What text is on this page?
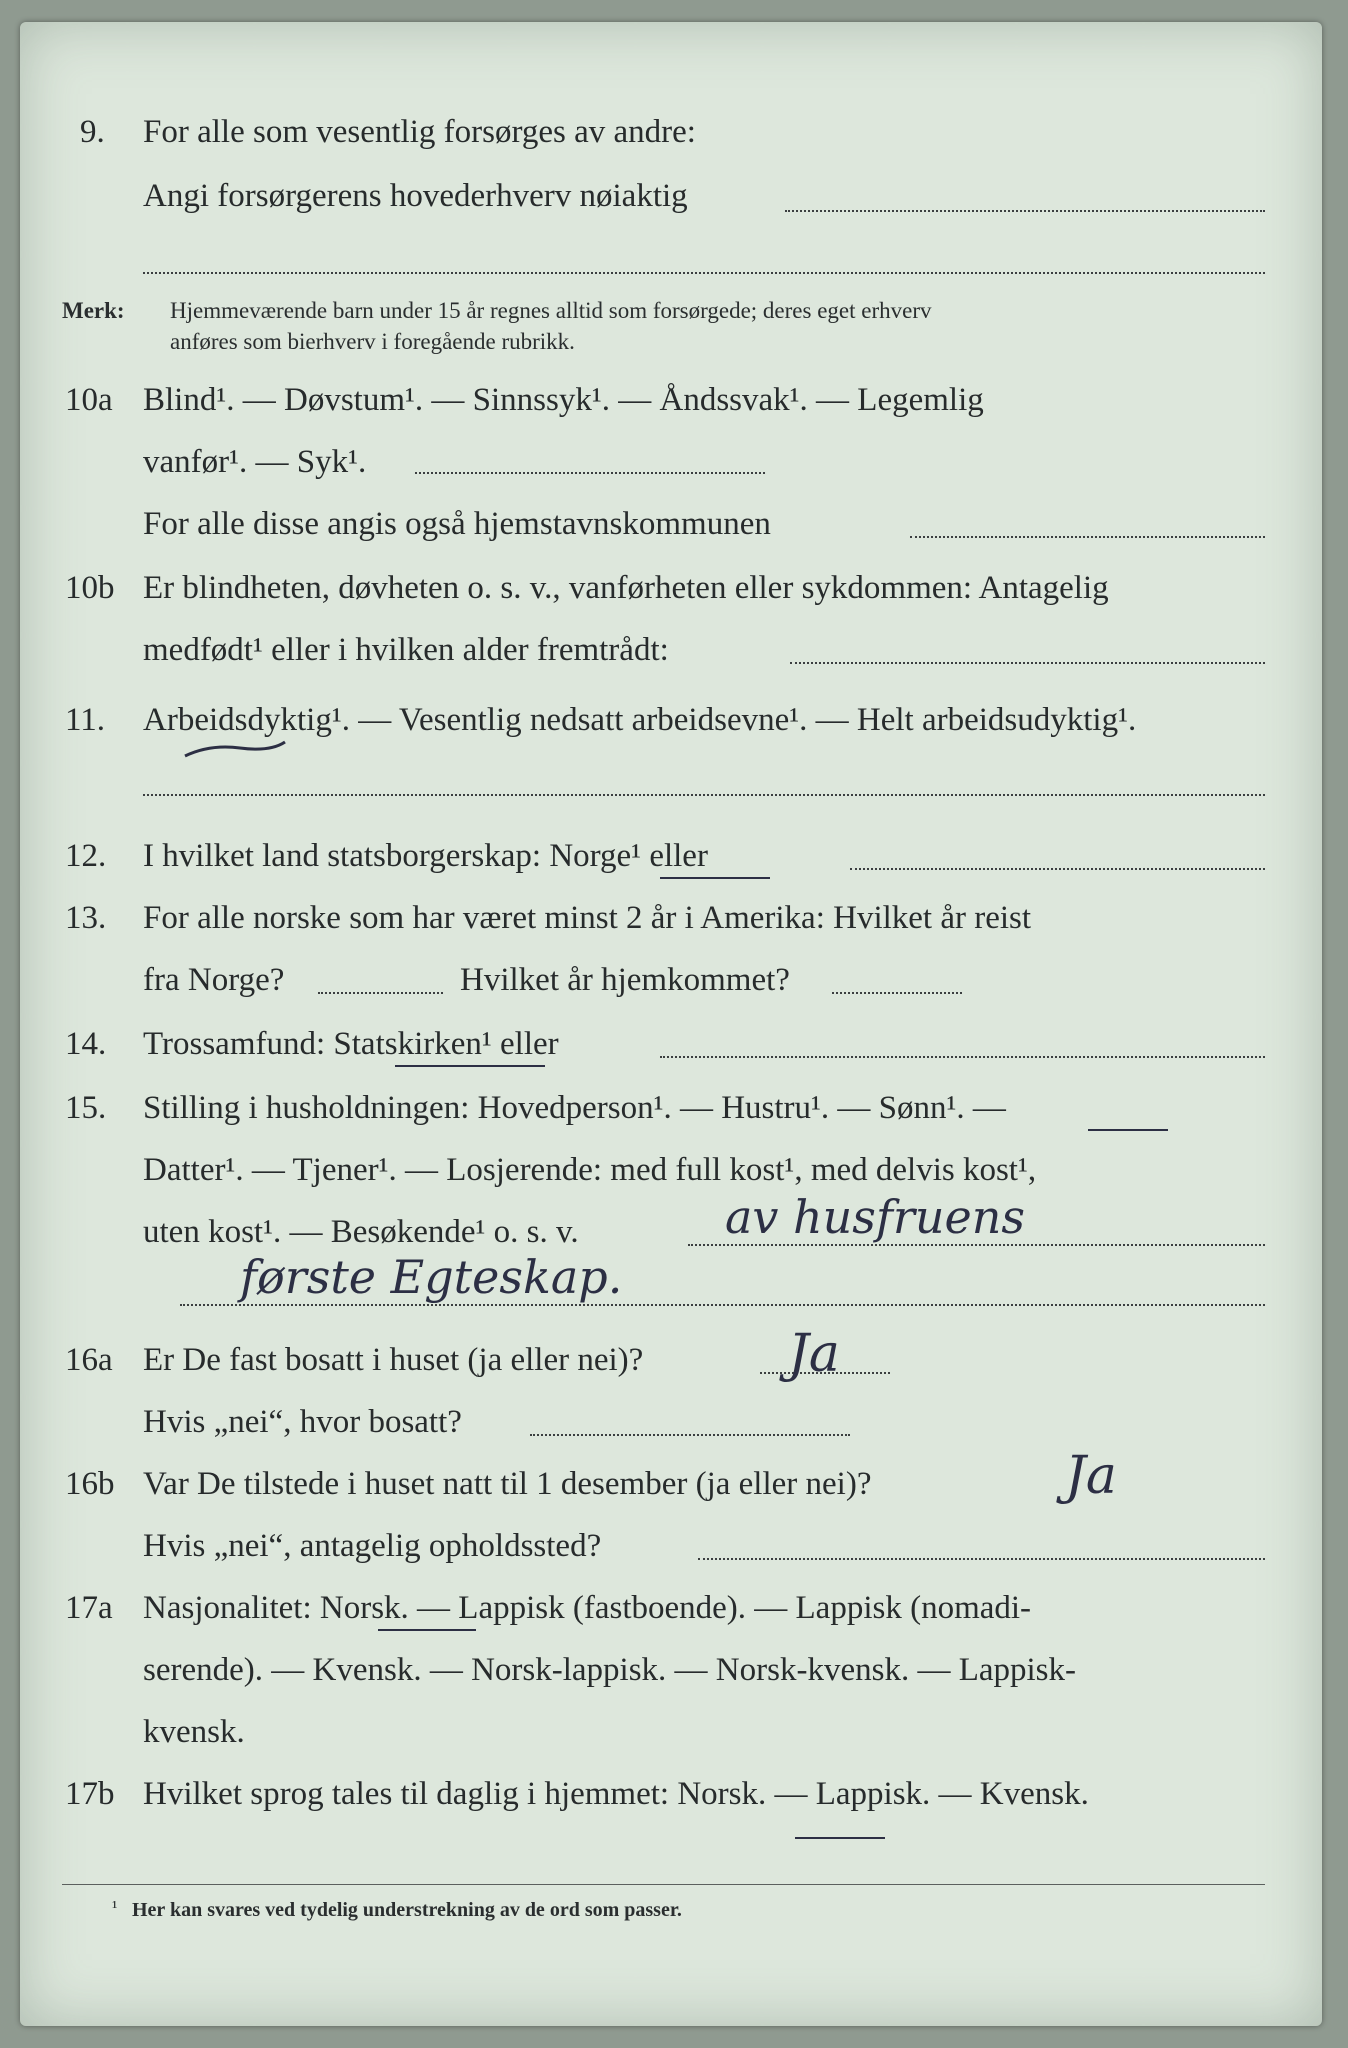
9. For alle som vesentlig forsørges av andre:
Angi forsørgerens hovederhverv nøiaktig
Merk: Hjemmeværende barn under 15 år regnes alltid som forsørgede; deres eget erhverv
anføres som bierhverv i foregående rubrikk.
10a Blind¹. — Døvstum¹. — Sinnssyk¹. — Åndssvak¹. — Legemlig
vanfør¹. — Syk¹.
For alle disse angis også hjemstavnskommunen
10b Er blindheten, døvheten o. s. v., vanførheten eller sykdommen: Antagelig
medfødt¹ eller i hvilken alder fremtrådt:
11. Arbeidsdyktig¹. — Vesentlig nedsatt arbeidsevne¹. — Helt arbeidsudyktig¹.
12. I hvilket land statsborgerskap: Norge¹ eller
13. For alle norske som har været minst 2 år i Amerika: Hvilket år reist
fra Norge?	Hvilket år hjemkommet?
14. Trossamfund: Statskirken¹ eller
15. Stilling i husholdningen: Hovedperson¹. — Hustru¹. — Sønn¹. —
Datter¹. — Tjener¹. — Losjerende: med full kost¹, med delvis kost¹,
uten kost¹. — Besøkende¹ o. s. v.	av husfruens
første Egteskap.
16a Er De fast bosatt i huset (ja eller nei)?	Ja
Hvis „nei“, hvor bosatt?
16b Var De tilstede i huset natt til 1 desember (ja eller nei)?	Ja
Hvis „nei“, antagelig opholdssted?
17a Nasjonalitet: Norsk. — Lappisk (fastboende). — Lappisk (nomadi-
serende). — Kvensk. — Norsk-lappisk. — Norsk-kvensk. — Lappisk-
kvensk.
17b Hvilket sprog tales til daglig i hjemmet: Norsk. — Lappisk. — Kvensk.
¹ Her kan svares ved tydelig understrekning av de ord som passer.
